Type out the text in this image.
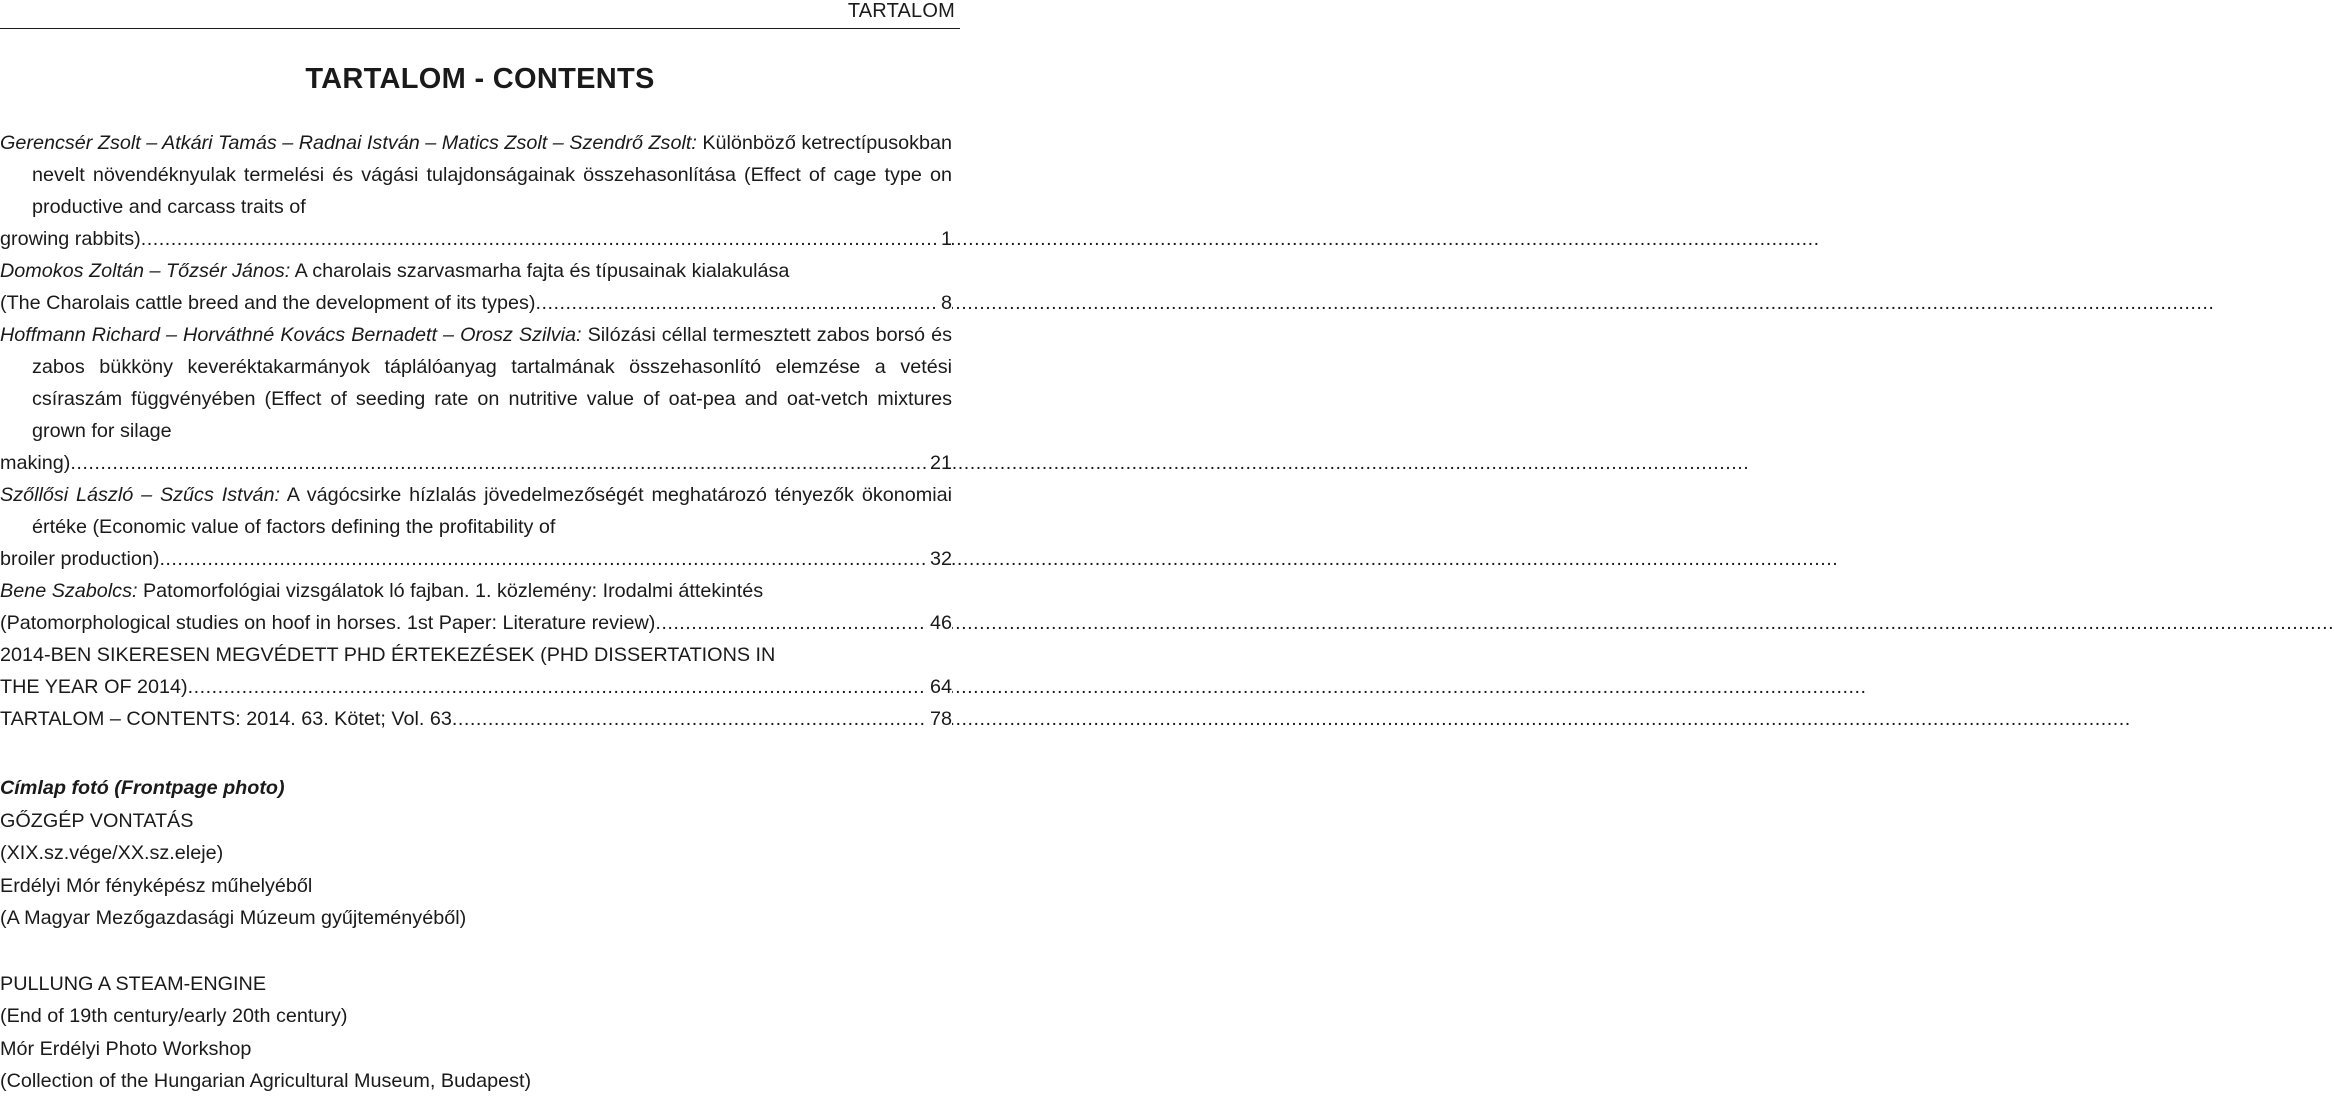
TARTALOM
TARTALOM - CONTENTS
Gerencsér Zsolt – Atkári Tamás – Radnai István – Matics Zsolt – Szendrő Zsolt: Különböző ketrectípusokban nevelt növendéknyulak termelési és vágási tulajdonságainak összehasonlítása (Effect of cage type on productive and carcass traits of
growing rabbits) .....	1
Domokos Zoltán – Tőzsér János: A charolais szarvasmarha fajta és típusainak kialakulása
(The Charolais cattle breed and the development of its types) .....	8
Hoffmann Richard – Horváthné Kovács Bernadett – Orosz Szilvia: Silózási céllal termesztett zabos borsó és zabos bükköny keveréktakarmányok táplálóanyag tartalmának összehasonlító elemzése a vetési csíraszám függvényében (Effect of seeding rate on nutritive value of oat-pea and oat-vetch mixtures grown for silage
making) .....	21
Szőllősi László – Szűcs István: A vágócsirke hízlalás jövedelmezőségét meghatározó tényezők ökonomiai értéke (Economic value of factors defining the profitability of
broiler production) .....	32
Bene Szabolcs: Patomorfológiai vizsgálatok ló fajban. 1. közlemény: Irodalmi áttekintés
(Patomorphological studies on hoof in horses. 1st Paper: Literature review) .....	46
2014-BEN SIKERESEN MEGVÉDETT PHD ÉRTEKEZÉSEK (PHD DISSERTATIONS IN
THE YEAR OF 2014) .....	64
TARTALOM – CONTENTS: 2014. 63. Kötet; Vol. 63 .....	78
Címlap fotó (Frontpage photo)
GŐZGÉP VONTATÁS
(XIX.sz.vége/XX.sz.eleje)
Erdélyi Mór fényképész műhelyéből
(A Magyar Mezőgazdasági Múzeum gyűjteményéből)
PULLUNG A STEAM-ENGINE
(End of 19th century/early 20th century)
Mór Erdélyi Photo Workshop
(Collection of the Hungarian Agricultural Museum, Budapest)
